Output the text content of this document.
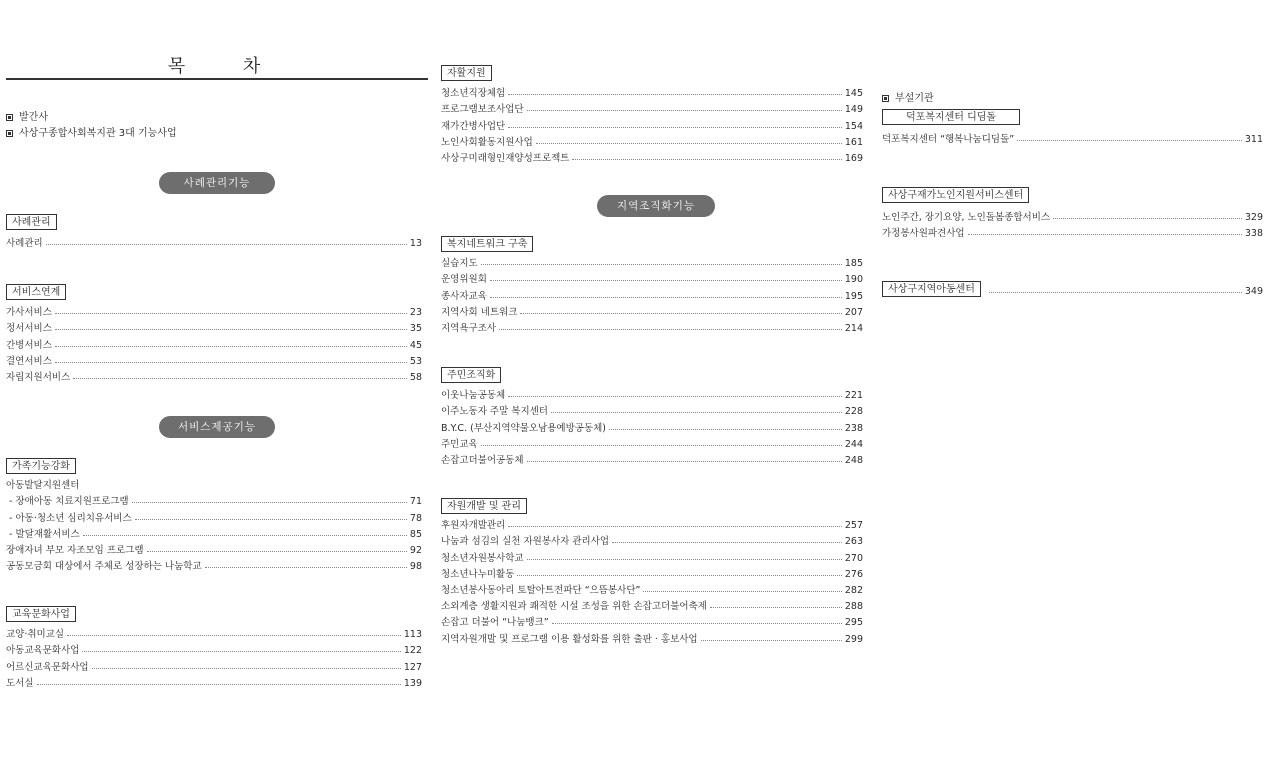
목 차
발간사
사상구종합사회복지관 3대 기능사업
사례관리기능
사례관리
사례관리	13
서비스연계
가사서비스	23
정서서비스	35
간병서비스	45
결연서비스	53
자립지원서비스	58
서비스제공기능
가족기능강화
아동발달지원센터
- 장애아동 치료지원프로그램	71
- 아동·청소년 심리치유서비스	78
- 발달재활서비스	85
장애자녀 부모 자조모임 프로그램	92
공동모금회 대상에서 주체로 성장하는 나눔학교	98
교육문화사업
교양·취미교실	113
아동교육문화사업	122
어르신교육문화사업	127
도서실	139
자활지원
청소년직장체험	145
프로그램보조사업단	149
재가간병사업단	154
노인사회활동지원사업	161
사상구미래형인재양성프로젝트	169
지역조직화기능
복지네트워크 구축
실습지도	185
운영위원회	190
종사자교육	195
지역사회 네트워크	207
지역욕구조사	214
주민조직화
이웃나눔공동체	221
이주노동자 주말 복지센터	228
B.Y.C. (부산지역약물오남용예방공동체)	238
주민교육	244
손잡고더불어공동체	248
자원개발 및 관리
후원자개발관리	257
나눔과 섬김의 실천 자원봉사자 관리사업	263
청소년자원봉사학교	270
청소년나누미활동	276
청소년봉사동아리 토탈아트전파단 “으뜸봉사단”	282
소외계층 생활지원과 쾌적한 시설 조성을 위한 손잡고더불어축제	288
손잡고 더불어 “나눔뱅크”	295
지역자원개발 및 프로그램 이용 활성화를 위한 출판 · 홍보사업	299
부설기관
덕포복지센터 디딤돌
덕포복지센터 “행복나눔디딤돌”	311
사상구재가노인지원서비스센터
노인주간, 장기요양, 노인돌봄종합서비스	329
가정봉사원파견사업	338
사상구지역아동센터	349
